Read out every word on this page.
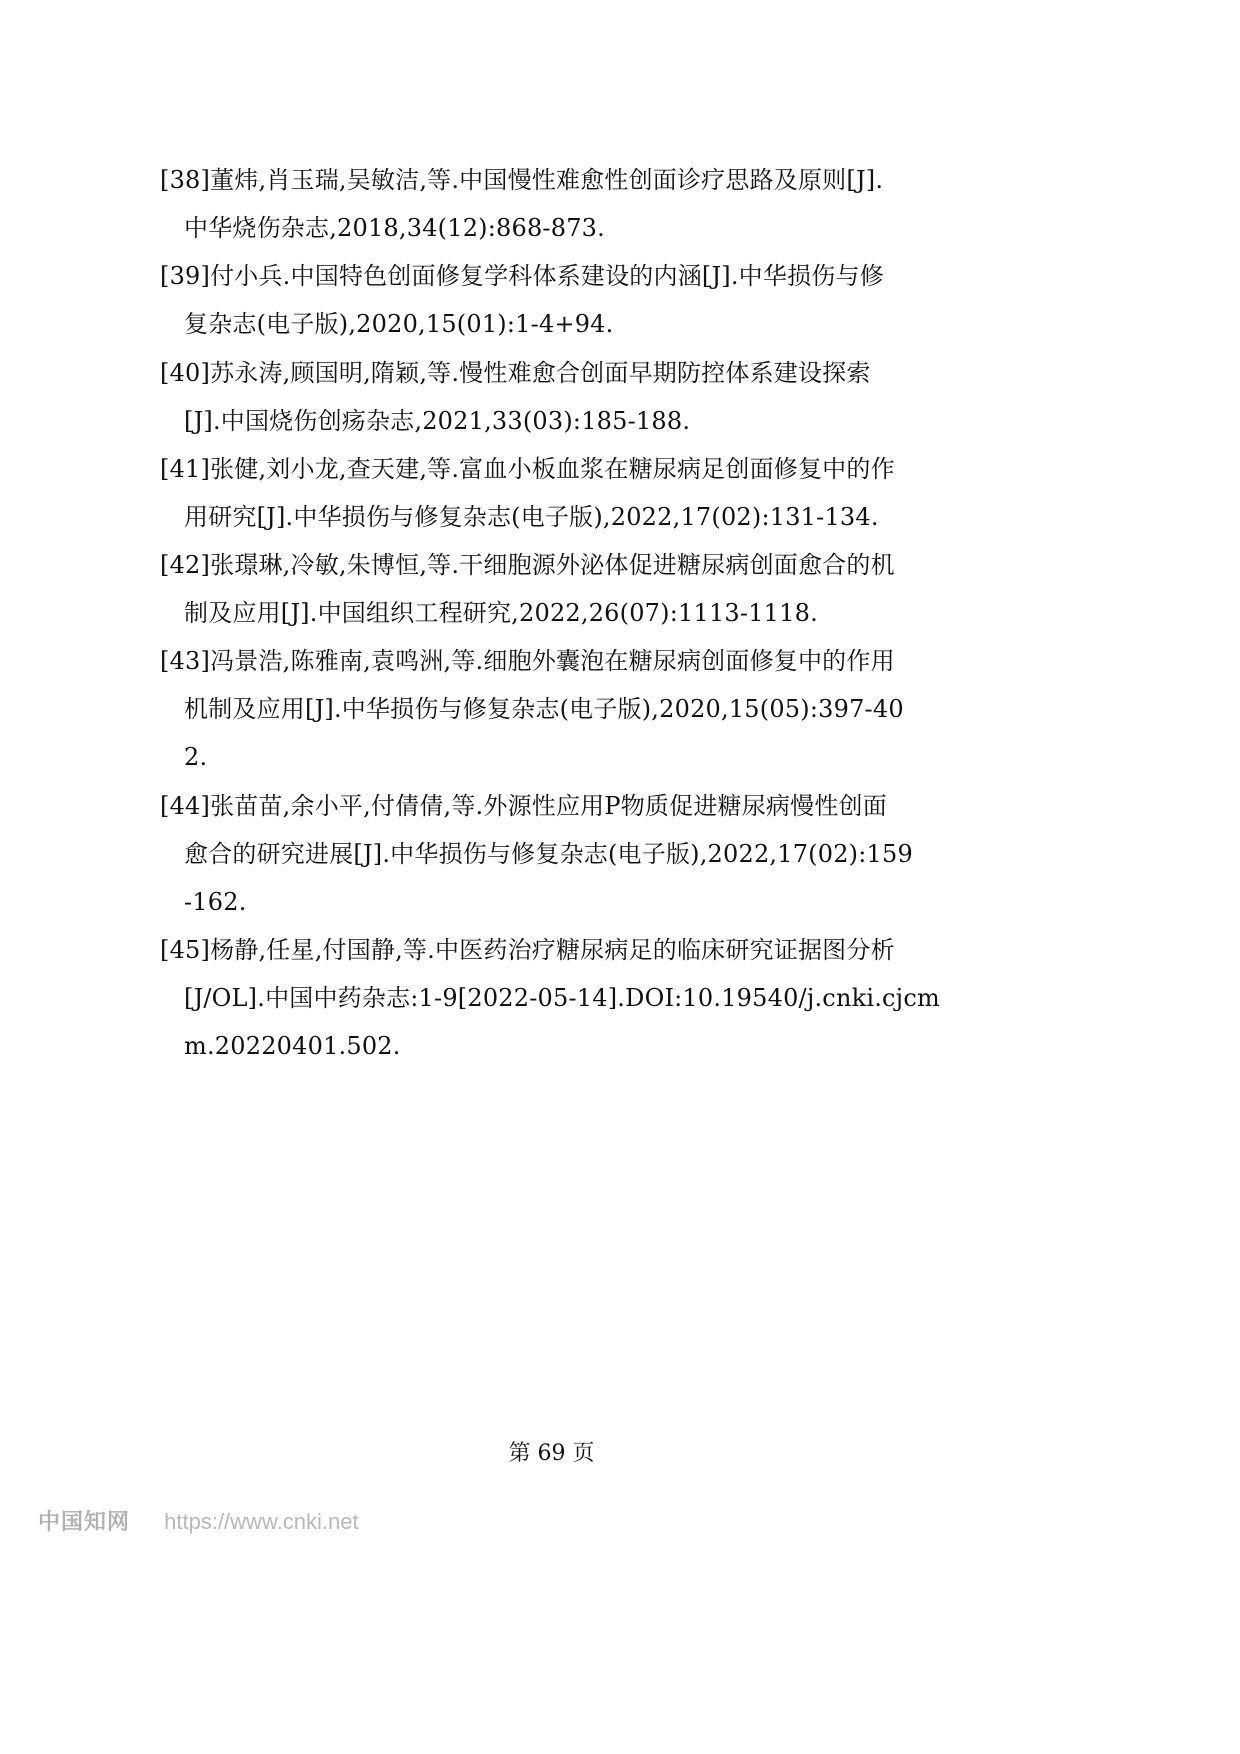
[38]董炜,肖玉瑞,吴敏洁,等.中国慢性难愈性创面诊疗思路及原则[J].
中华烧伤杂志,2018,34(12):868-873.
[39]付小兵.中国特色创面修复学科体系建设的内涵[J].中华损伤与修
复杂志(电子版),2020,15(01):1-4+94.
[40]苏永涛,顾国明,隋颖,等.慢性难愈合创面早期防控体系建设探索
[J].中国烧伤创疡杂志,2021,33(03):185-188.
[41]张健,刘小龙,查天建,等.富血小板血浆在糖尿病足创面修复中的作
用研究[J].中华损伤与修复杂志(电子版),2022,17(02):131-134.
[42]张璟琳,冷敏,朱博恒,等.干细胞源外泌体促进糖尿病创面愈合的机
制及应用[J].中国组织工程研究,2022,26(07):1113-1118.
[43]冯景浩,陈雅南,袁鸣洲,等.细胞外囊泡在糖尿病创面修复中的作用
机制及应用[J].中华损伤与修复杂志(电子版),2020,15(05):397-40
2.
[44]张苗苗,余小平,付倩倩,等.外源性应用P物质促进糖尿病慢性创面
愈合的研究进展[J].中华损伤与修复杂志(电子版),2022,17(02):159
-162.
[45]杨静,任星,付国静,等.中医药治疗糖尿病足的临床研究证据图分析
[J/OL].中国中药杂志:1-9[2022-05-14].DOI:10.19540/j.cnki.cjcm
m.20220401.502.
第 69 页
中国知网 https://www.cnki.net
